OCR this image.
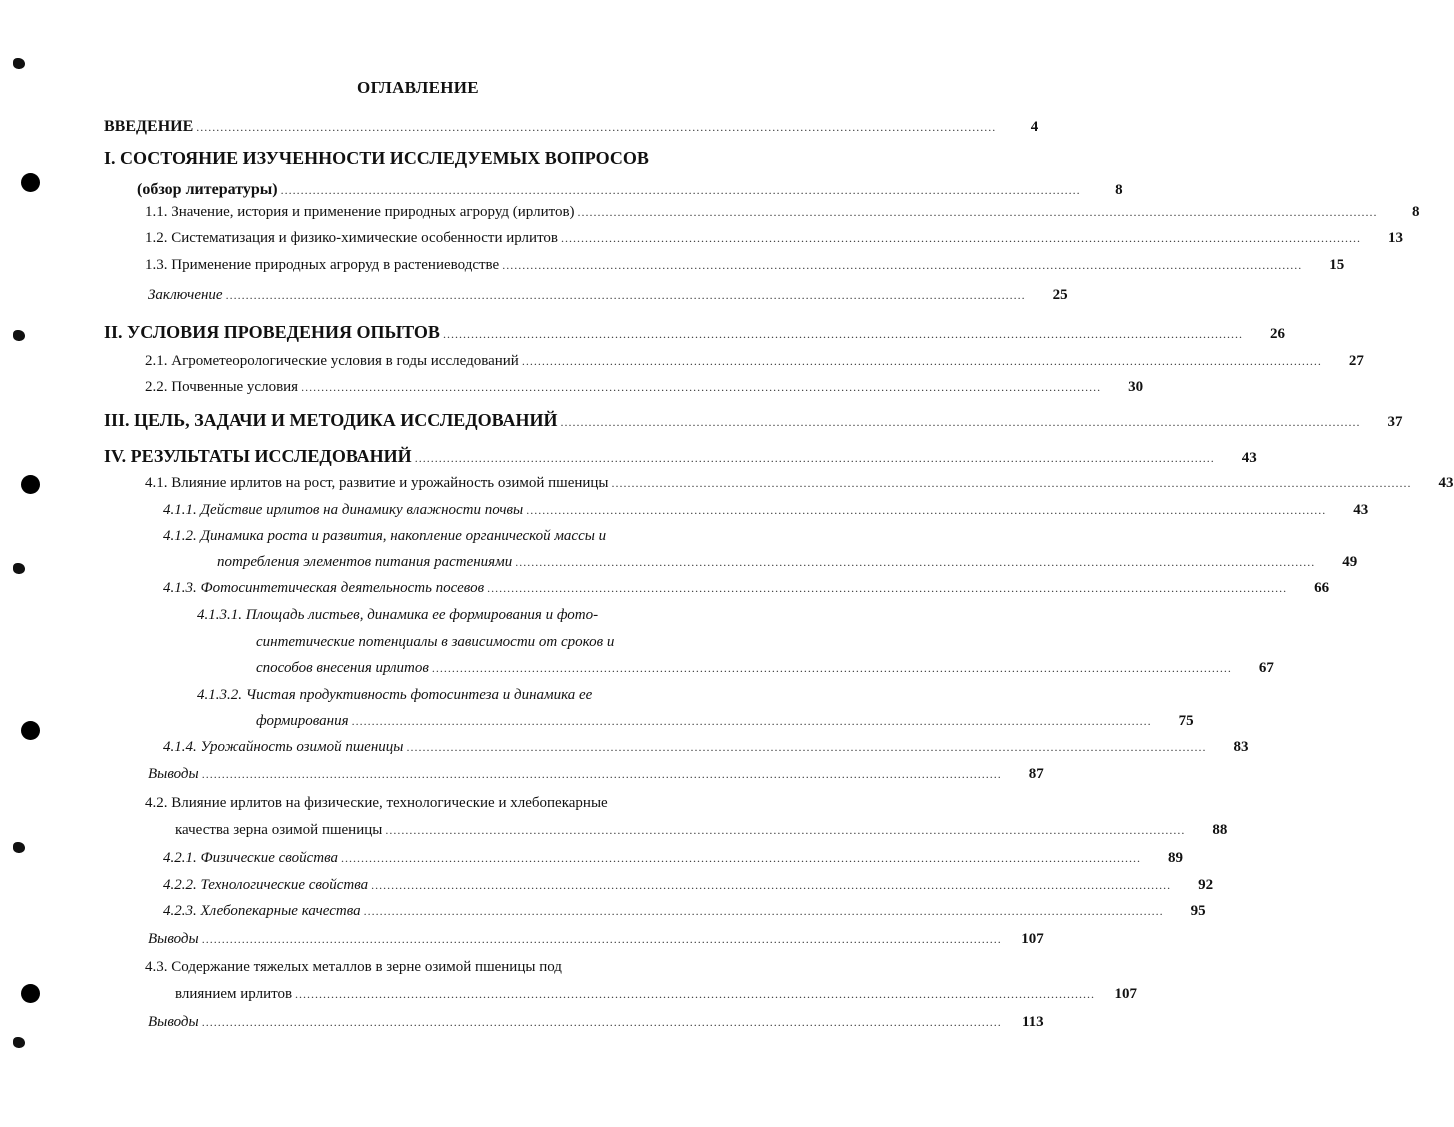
ОГЛАВЛЕНИЕ
ВВЕДЕНИЕ ........................................................................................................................................................................................................	4
I. СОСТОЯНИЕ ИЗУЧЕННОСТИ ИССЛЕДУЕМЫХ ВОПРОСОВ
(обзор литературы) ........................................................................................................................................................................................................	8
1.1. Значение, история и применение природных агроруд (ирлитов) ........................................................................................................................................................................................................	8
1.2. Систематизация и физико-химические особенности ирлитов ........................................................................................................................................................................................................	13
1.3. Применение природных агроруд в растениеводстве ........................................................................................................................................................................................................	15
Заключение ........................................................................................................................................................................................................	25
II. УСЛОВИЯ ПРОВЕДЕНИЯ ОПЫТОВ ........................................................................................................................................................................................................	26
2.1. Агрометеорологические условия в годы исследований ........................................................................................................................................................................................................	27
2.2. Почвенные условия ........................................................................................................................................................................................................	30
III. ЦЕЛЬ, ЗАДАЧИ И МЕТОДИКА ИССЛЕДОВАНИЙ ........................................................................................................................................................................................................	37
IV. РЕЗУЛЬТАТЫ ИССЛЕДОВАНИЙ ........................................................................................................................................................................................................	43
4.1. Влияние ирлитов на рост, развитие и урожайность озимой пшеницы ........................................................................................................................................................................................................	43
4.1.1. Действие ирлитов на динамику влажности почвы ........................................................................................................................................................................................................	43
4.1.2. Динамика роста и развития, накопление органической массы и
потребления элементов питания растениями ........................................................................................................................................................................................................	49
4.1.3. Фотосинтетическая деятельность посевов ........................................................................................................................................................................................................	66
4.1.3.1. Площадь листьев, динамика ее формирования и фото-
синтетические потенциалы в зависимости от сроков и
способов внесения ирлитов ........................................................................................................................................................................................................	67
4.1.3.2. Чистая продуктивность фотосинтеза и динамика ее
формирования ........................................................................................................................................................................................................	75
4.1.4. Урожайность озимой пшеницы ........................................................................................................................................................................................................	83
Выводы ........................................................................................................................................................................................................	87
4.2. Влияние ирлитов на физические, технологические и хлебопекарные
качества зерна озимой пшеницы ........................................................................................................................................................................................................	88
4.2.1. Физические свойства ........................................................................................................................................................................................................	89
4.2.2. Технологические свойства ........................................................................................................................................................................................................	92
4.2.3. Хлебопекарные качества ........................................................................................................................................................................................................	95
Выводы ........................................................................................................................................................................................................	107
4.3. Содержание тяжелых металлов в зерне озимой пшеницы под
влиянием ирлитов ........................................................................................................................................................................................................	107
Выводы ........................................................................................................................................................................................................	113
